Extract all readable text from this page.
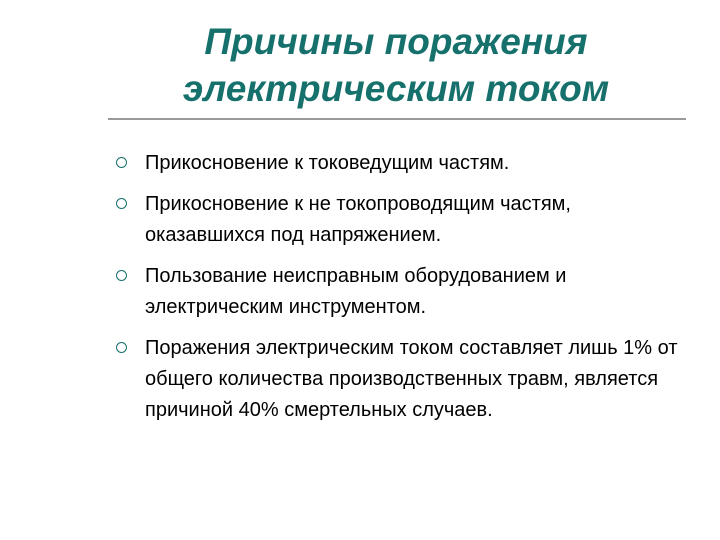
Причины поражения
электрическим током
Прикосновение к токоведущим частям.
Прикосновение к не токопроводящим частям, оказавшихся под напряжением.
Пользование неисправным оборудованием и электрическим инструментом.
Поражения электрическим током составляет лишь 1% от общего количества производственных травм, является причиной 40% смертельных случаев.
